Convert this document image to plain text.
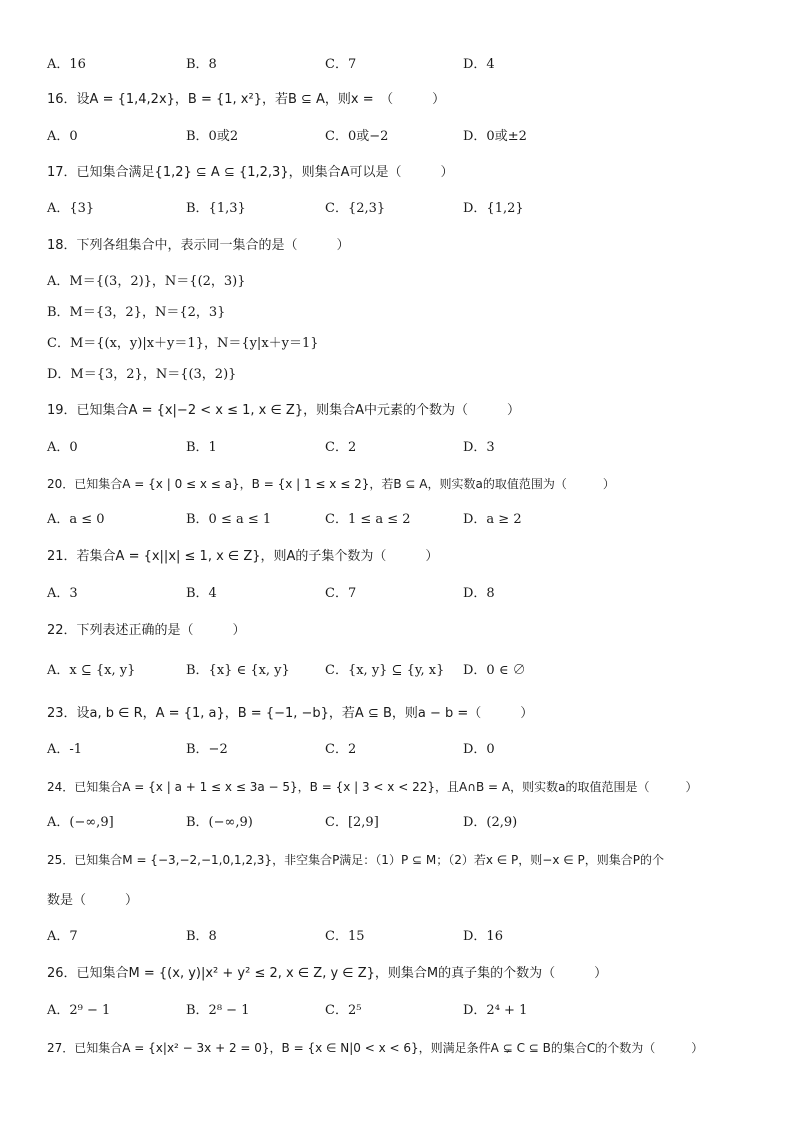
A．16	B．8	C．7	D．4
16．设A = {1,4,2x}，B = {1, x²}，若B ⊆ A，则x =　（　　　）
A．0	B．0或2	C．0或−2	D．0或±2
17．已知集合满足{1,2} ⊆ A ⊆ {1,2,3}，则集合A可以是（　　　）
A．{3}	B．{1,3}	C．{2,3}	D．{1,2}
18．下列各组集合中，表示同一集合的是（　　　）
A．M＝{(3，2)}，N＝{(2，3)}
B．M＝{3，2}，N＝{2，3}
C．M＝{(x，y)|x＋y＝1}，N＝{y|x＋y＝1}
D．M＝{3，2}，N＝{(3，2)}
19．已知集合A = {x|−2 < x ≤ 1, x ∈ Z}，则集合A中元素的个数为（　　　）
A．0	B．1	C．2	D．3
20．已知集合A = {x | 0 ≤ x ≤ a}，B = {x | 1 ≤ x ≤ 2}，若B ⊆ A，则实数a的取值范围为（　　　）
A．a ≤ 0	B．0 ≤ a ≤ 1	C．1 ≤ a ≤ 2	D．a ≥ 2
21．若集合A = {x||x| ≤ 1, x ∈ Z}，则A的子集个数为（　　　）
A．3	B．4	C．7	D．8
22．下列表述正确的是（　　　）
A．x ⊆ {x, y}	B．{x} ∈ {x, y}	C．{x, y} ⊆ {y, x} D．0 ∈ ∅
23．设a, b ∈ R，A = {1, a}，B = {−1, −b}，若A ⊆ B，则a − b =（　　　）
A．-1	B．−2	C．2	D．0
24．已知集合A = {x | a + 1 ≤ x ≤ 3a − 5}，B = {x | 3 < x < 22}，且A∩B = A，则实数a的取值范围是（　　　）
A．(−∞,9]	B．(−∞,9)	C．[2,9]	D．(2,9)
25．已知集合M = {−3,−2,−1,0,1,2,3}，非空集合P满足：（1）P ⊆ M；（2）若x ∈ P，则−x ∈ P，则集合P的个
数是（　　　）
A．7	B．8	C．15	D．16
26．已知集合M = {(x, y)|x² + y² ≤ 2, x ∈ Z, y ∈ Z}，则集合M的真子集的个数为（　　　）
A．2⁹ − 1	B．2⁸ − 1	C．2⁵	D．2⁴ + 1
27．已知集合A = {x|x² − 3x + 2 = 0}，B = {x ∈ N|0 < x < 6}，则满足条件A ⊊ C ⊆ B的集合C的个数为（　　　）
